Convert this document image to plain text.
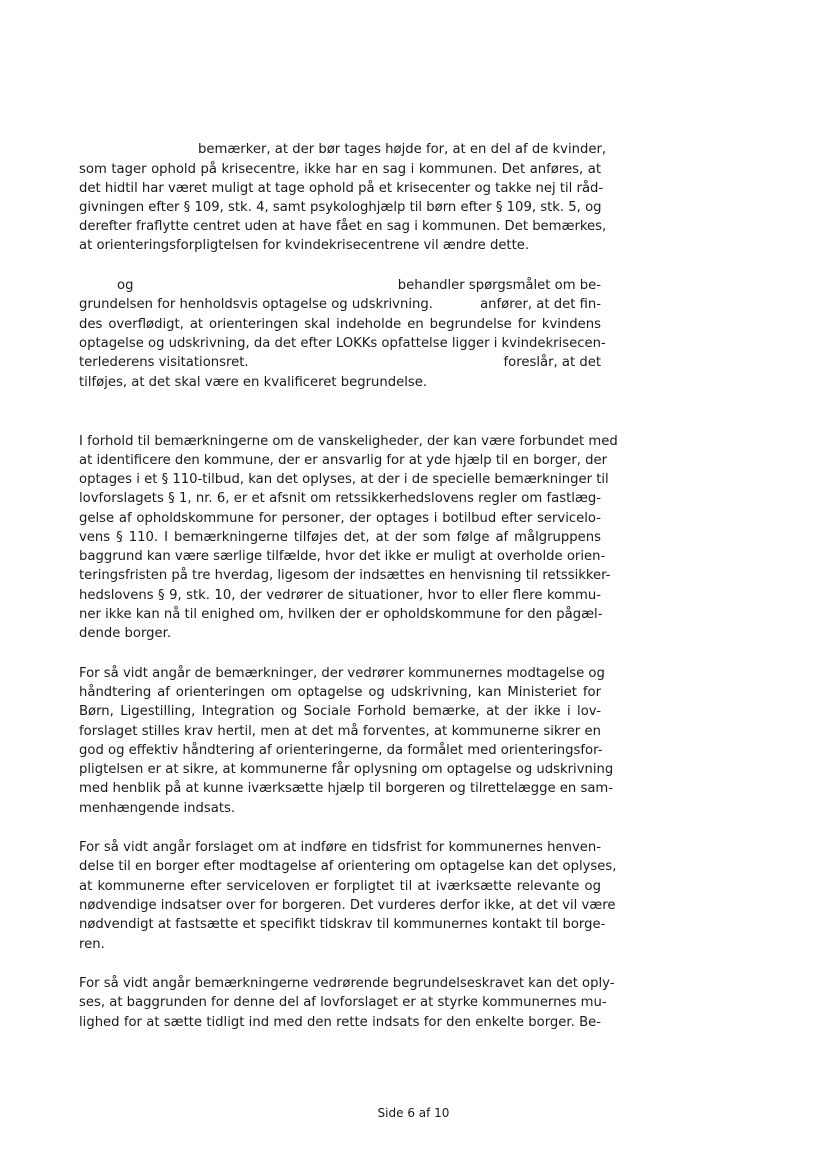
bemærker, at der bør tages højde for, at en del af de kvinder,
som tager ophold på krisecentre, ikke har en sag i kommunen. Det anføres, at
det hidtil har været muligt at tage ophold på et krisecenter og takke nej til råd-
givningen efter § 109, stk. 4, samt psykologhjælp til børn efter § 109, stk. 5, og
derefter fraflytte centret uden at have fået en sag i kommunen. Det bemærkes,
at orienteringsforpligtelsen for kvindekrisecentrene vil ændre dette.
og	behandler spørgsmålet om be-
grundelsen for henholdsvis optagelse og udskrivning.	anfører, at det fin-
des overflødigt, at orienteringen skal indeholde en begrundelse for kvindens
optagelse og udskrivning, da det efter LOKKs opfattelse ligger i kvindekrisecen-
terlederens visitationsret.	foreslår, at det
tilføjes, at det skal være en kvalificeret begrundelse.
I forhold til bemærkningerne om de vanskeligheder, der kan være forbundet med
at identificere den kommune, der er ansvarlig for at yde hjælp til en borger, der
optages i et § 110-tilbud, kan det oplyses, at der i de specielle bemærkninger til
lovforslagets § 1, nr. 6, er et afsnit om retssikkerhedslovens regler om fastlæg-
gelse af opholdskommune for personer, der optages i botilbud efter servicelo-
vens § 110. I bemærkningerne tilføjes det, at der som følge af målgruppens
baggrund kan være særlige tilfælde, hvor det ikke er muligt at overholde orien-
teringsfristen på tre hverdag, ligesom der indsættes en henvisning til retssikker-
hedslovens § 9, stk. 10, der vedrører de situationer, hvor to eller flere kommu-
ner ikke kan nå til enighed om, hvilken der er opholdskommune for den pågæl-
dende borger.
For så vidt angår de bemærkninger, der vedrører kommunernes modtagelse og
håndtering af orienteringen om optagelse og udskrivning, kan Ministeriet for
Børn, Ligestilling, Integration og Sociale Forhold bemærke, at der ikke i lov-
forslaget stilles krav hertil, men at det må forventes, at kommunerne sikrer en
god og effektiv håndtering af orienteringerne, da formålet med orienteringsfor-
pligtelsen er at sikre, at kommunerne får oplysning om optagelse og udskrivning
med henblik på at kunne iværksætte hjælp til borgeren og tilrettelægge en sam-
menhængende indsats.
For så vidt angår forslaget om at indføre en tidsfrist for kommunernes henven-
delse til en borger efter modtagelse af orientering om optagelse kan det oplyses,
at kommunerne efter serviceloven er forpligtet til at iværksætte relevante og
nødvendige indsatser over for borgeren. Det vurderes derfor ikke, at det vil være
nødvendigt at fastsætte et specifikt tidskrav til kommunernes kontakt til borge-
ren.
For så vidt angår bemærkningerne vedrørende begrundelseskravet kan det oply-
ses, at baggrunden for denne del af lovforslaget er at styrke kommunernes mu-
lighed for at sætte tidligt ind med den rette indsats for den enkelte borger. Be-
Side 6 af 10
